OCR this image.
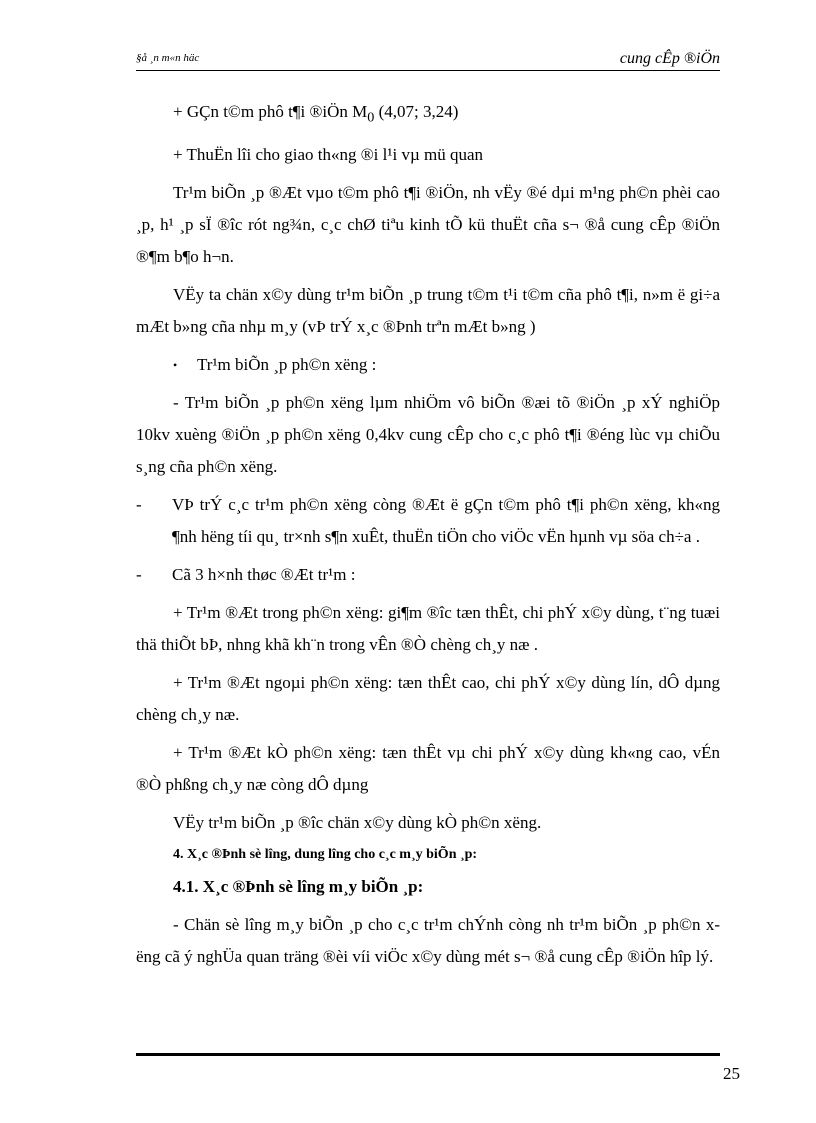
§å ¸n m«n häc	cung cÊp ®iÖn

+ GÇn t©m phô t¶i ®iÖn $M_0$ (4,07; 3,24)

+ ThuËn lîi cho giao th«ng ®i l¹i vµ mü quan

Tr¹m biÕn ¸p ®Æt vµo t©m phô t¶i ®iÖn, nh vËy ®é dµi m¹ng ph©n phèi cao ¸p, h¹ ¸p sÏ ®îc rót ng¾n, c¸c chØ tiªu kinh tÕ kü thuËt cña s¬ ®å cung cÊp ®iÖn ®¶m b¶o h¬n.

VËy ta chän x©y dùng tr¹m biÕn ¸p trung t©m t¹i t©m cña phô t¶i, n»m ë gi÷a mÆt b»ng cña nhµ m¸y (vÞ trÝ x¸c ®Þnh trªn mÆt b»ng )

•	Tr¹m biÕn ¸p ph©n xëng :

- Tr¹m biÕn ¸p ph©n xëng lµm nhiÖm vô biÕn ®æi tõ ®iÖn ¸p xÝ nghiÖp 10kv xuèng ®iÖn ¸p ph©n xëng 0,4kv cung cÊp cho c¸c phô t¶i ®éng lùc vµ chiÕu s¸ng cña ph©n xëng.

-	VÞ trÝ c¸c tr¹m ph©n xëng còng ®Æt ë gÇn t©m phô t¶i ph©n xëng, kh«ng ¶nh hëng tíi qu¸ tr×nh s¶n xuÊt, thuËn tiÖn cho viÖc vËn hµnh vµ söa ch÷a .
-	Cã 3 h×nh thøc ®Æt tr¹m :

+ Tr¹m ®Æt trong ph©n xëng: gi¶m ®îc tæn thÊt, chi phÝ x©y dùng, t¨ng tuæi thä thiÕt bÞ, nhng khã kh¨n trong vÊn ®Ò chèng ch¸y næ .

+ Tr¹m ®Æt ngoµi ph©n xëng: tæn thÊt cao, chi phÝ x©y dùng lín, dÔ dµng chèng ch¸y næ.

+ Tr¹m ®Æt kÒ ph©n xëng: tæn thÊt vµ chi phÝ x©y dùng kh«ng cao, vÉn ®Ò phßng ch¸y næ còng dÔ dµng

VËy tr¹m biÕn ¸p ®îc chän x©y dùng kÒ ph©n xëng.

4. X¸c ®Þnh sè lîng, dung lîng cho c¸c m¸y biÕn ¸p:

4.1. X¸c ®Þnh sè lîng m¸y biÕn ¸p:

- Chän sè lîng m¸y biÕn ¸p cho c¸c tr¹m chÝnh còng nh tr¹m biÕn ¸p ph©n xëng cã ý nghÜa quan träng ®èi víi viÖc x©y dùng mét s¬ ®å cung cÊp ®iÖn hîp lý.

25
